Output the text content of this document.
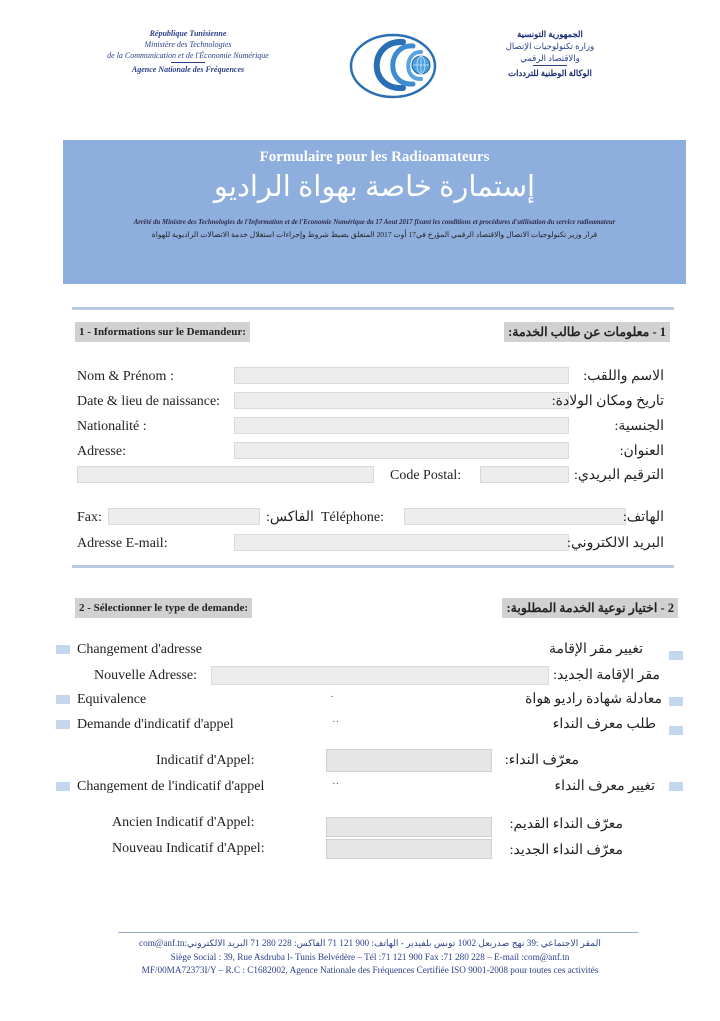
République Tunisienne
Ministère des Technologies
de la Communication et de l'Économie Numérique
Agence Nationale des Fréquences
الجمهورية التونسية
وزارة تكنولوجيات الإتصال والاقتصاد الرقمي
الوكالة الوطنية للترددات
Formulaire pour les Radioamateurs
إستمارة خاصة بهواة الراديو
Arrêté du Ministre des Technologies de l'Information et de l'Economie Numérique du 17 Aout 2017 fixant les conditions et procédures d'utilisation du service radioamateur
قرار وزير تكنولوجيات الاتصال والاقتصاد الرقمي المؤرخ في17 أوت 2017 المتعلق بضبط شروط وإجراءات استغلال خدمة الاتصالات الراديوية للهواة
1 - Informations sur le Demandeur:	1 - معلومات عن طالب الخدمة:
Nom & Prénom :	الاسم واللقب:
Date & lieu de naissance:	تاريخ ومكان الولادة:
Nationalité :	الجنسية:
Adresse:	العنوان:
Code Postal:	الترقيم البريدي:
Fax:	الفاكس: Téléphone:	الهاتف:
Adresse E-mail:	البريد الالكتروني:
2 - Sélectionner le type de demande:	2 - اختيار نوعية الخدمة المطلوبة:
Changement d'adresse	تغيير مقر الإقامة
Nouvelle Adresse:	مقر الإقامة الجديد:
Equivalence	·	معادلة شهادة راديو هواة
Demande d'indicatif d'appel	··	طلب معرف النداء
Indicatif d'Appel:	معرّف النداء:
Changement de l'indicatif d'appel	··	تغيير معرف النداء
Ancien Indicatif d'Appel:	معرّف النداء القديم:
Nouveau Indicatif d'Appel:	معرّف النداء الجديد:
المقر الاجتماعي :39 نهج صدربعل 1002 تونس بلفيدير - الهاتف: 900 121 71 الفاكس: 228 280 71 البريد الالكتروني:com@anf.tn
Siège Social : 39, Rue Asdruba l- Tunis Belvédère – Tél :71 121 900 Fax :71 280 228 – E-mail :com@anf.tn
MF/00MA72373I/Y – R.C : C1682002, Agence Nationale des Fréquences Certifiée ISO 9001-2008 pour toutes ces activités
